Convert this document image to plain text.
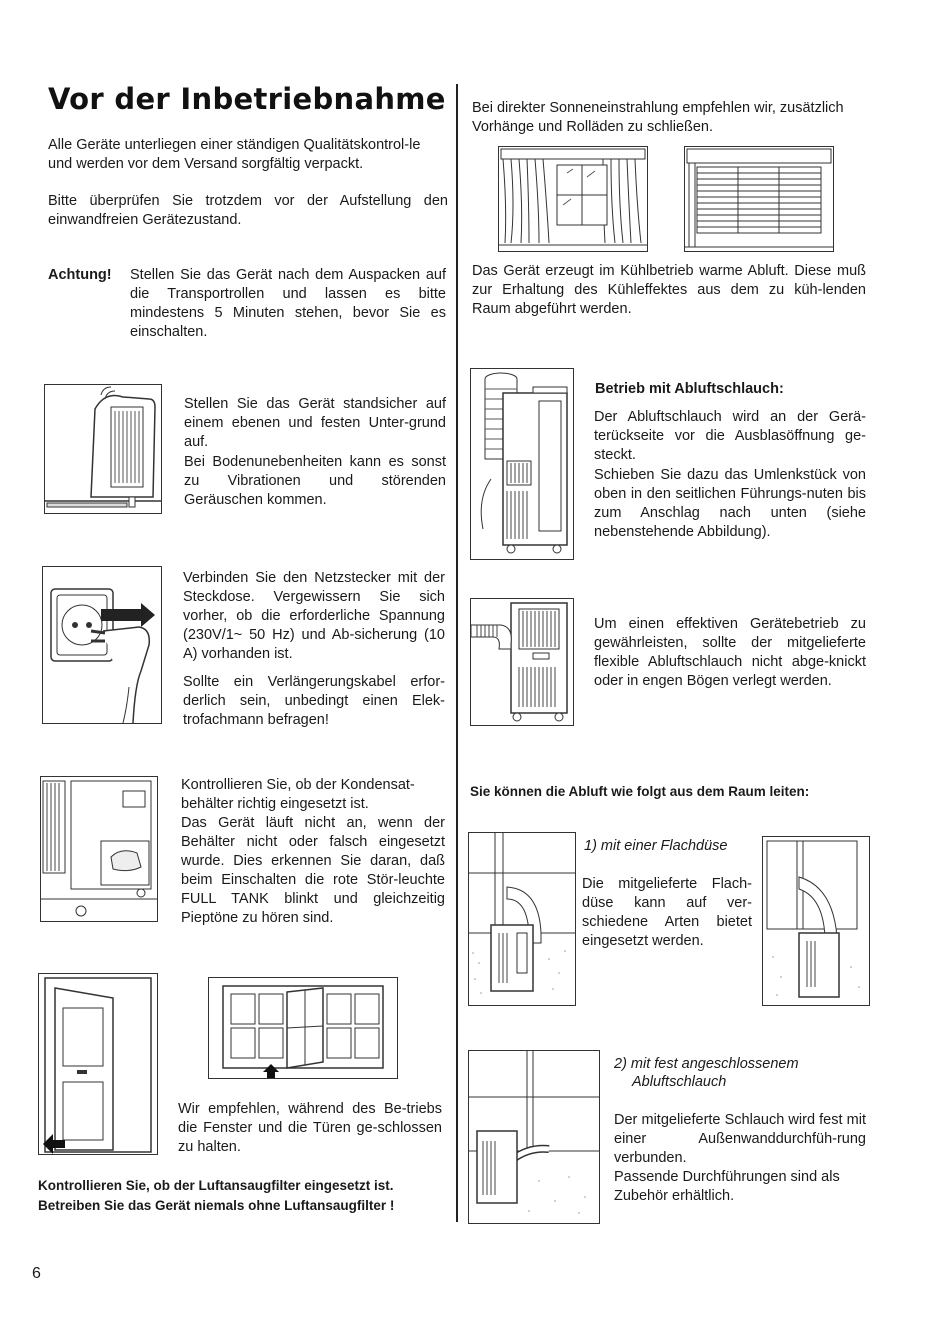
Vor der Inbetriebnahme
Alle Geräte unterliegen einer ständigen Qualitätskontrol-le und werden vor dem Versand sorgfältig verpackt.
Bitte überprüfen Sie trotzdem vor der Aufstellung den einwandfreien Gerätezustand.
Achtung! Stellen Sie das Gerät nach dem Auspacken auf die Transportrollen und lassen es bitte mindestens 5 Minuten stehen, bevor Sie es einschalten.
Stellen Sie das Gerät standsicher auf einem ebenen und festen Unter-grund auf.
Bei Bodenunebenheiten kann es sonst zu Vibrationen und störenden Geräuschen kommen.
Verbinden Sie den Netzstecker mit der Steckdose. Vergewissern Sie sich vorher, ob die erforderliche Spannung (230V/1~ 50 Hz) und Ab-sicherung (10 A) vorhanden ist.
Sollte ein Verlängerungskabel erfor-derlich sein, unbedingt einen Elek-trofachmann befragen!
Kontrollieren Sie, ob der Kondensat-behälter richtig eingesetzt ist.
Das Gerät läuft nicht an, wenn der Behälter nicht oder falsch eingesetzt wurde. Dies erkennen Sie daran, daß beim Einschalten die rote Stör-leuchte FULL TANK blinkt und gleichzeitig Pieptöne zu hören sind.
Wir empfehlen, während des Be-triebs die Fenster und die Türen ge-schlossen zu halten.
Kontrollieren Sie, ob der Luftansaugfilter eingesetzt ist.
Betreiben Sie das Gerät niemals ohne Luftansaugfilter !
6
Bei direkter Sonneneinstrahlung empfehlen wir, zusätzlich Vorhänge und Rolläden zu schließen.
Das Gerät erzeugt im Kühlbetrieb warme Abluft. Diese muß zur Erhaltung des Kühleffektes aus dem zu küh-lenden Raum abgeführt werden.
Betrieb mit Abluftschlauch:
Der Abluftschlauch wird an der Gerä-terückseite vor die Ausblasöffnung ge-steckt.
Schieben Sie dazu das Umlenkstück von oben in den seitlichen Führungs-nuten bis zum Anschlag nach unten (siehe nebenstehende Abbildung).
Um einen effektiven Gerätebetrieb zu gewährleisten, sollte der mitgelieferte flexible Abluftschlauch nicht abge-knickt oder in engen Bögen verlegt werden.
Sie können die Abluft wie folgt aus dem Raum leiten:
1) mit einer Flachdüse
Die mitgelieferte Flach-düse kann auf ver-schiedene Arten bietet eingesetzt werden.
2) mit fest angeschlossenem
Abluftschlauch
Der mitgelieferte Schlauch wird fest mit einer Außenwanddurchfüh-rung verbunden.
Passende Durchführungen sind als Zubehör erhältlich.
